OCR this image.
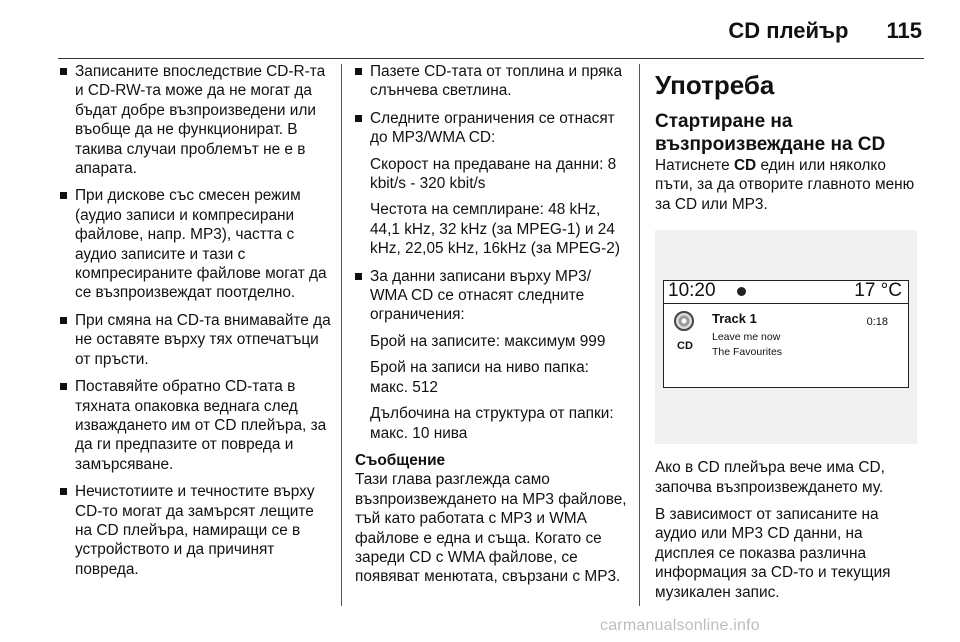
CD плейър 115
Записаните впоследствие CD-R-та и CD-RW-та може да не могат да бъдат добре възпроизведени или въобще да не функционират. В такива случаи проблемът не е в апарата.
При дискове със смесен режим (аудио записи и компресирани файлове, напр. MP3), частта с аудио записите и тази с компресираните файлове могат да се възпроизвеждат поотделно.
При смяна на CD-та внимавайте да не оставяте върху тях отпечатъци от пръсти.
Поставяйте обратно CD-тата в тяхната опаковка веднага след изваждането им от CD плейъра, за да ги предпазите от повреда и замърсяване.
Нечистотиите и течностите върху CD-то могат да замърсят лещите на CD плейъра, намиращи се в устройството и да причинят повреда.
Пазете CD-тата от топлина и пряка слънчева светлина.
Следните ограничения се отнасят до MP3/WMA CD:
Скорост на предаване на данни: 8 kbit/s - 320 kbit/s
Честота на семплиране: 48 kHz, 44,1 kHz, 32 kHz (за MPEG-1) и 24 kHz, 22,05 kHz, 16kHz (за MPEG-2)
За данни записани върху MP3/ WMA CD се отнасят следните ограничения:
Брой на записите: максимум 999
Брой на записи на ниво папка: макс. 512
Дълбочина на структура от папки: макс. 10 нива
Съобщение
Тази глава разглежда само възпроизвеждането на MP3 файлове, тъй като работата с MP3 и WMA файлове е една и съща. Когато се зареди CD с WMA файлове, се появяват менютата, свързани с MP3.
Употреба
Стартиране на възпроизвеждане на CD

Натиснете CD един или няколко пъти, за да отворите главното меню за CD или MP3.

10:20	17 °C
CD
Track 1	0:18
Leave me now
The Favourites

Ако в CD плейъра вече има CD, започва възпроизвеждането му.

В зависимост от записаните на аудио или MP3 CD данни, на дисплея се показва различна информация за CD-то и текущия музикален запис.

carmanualsonline.info
